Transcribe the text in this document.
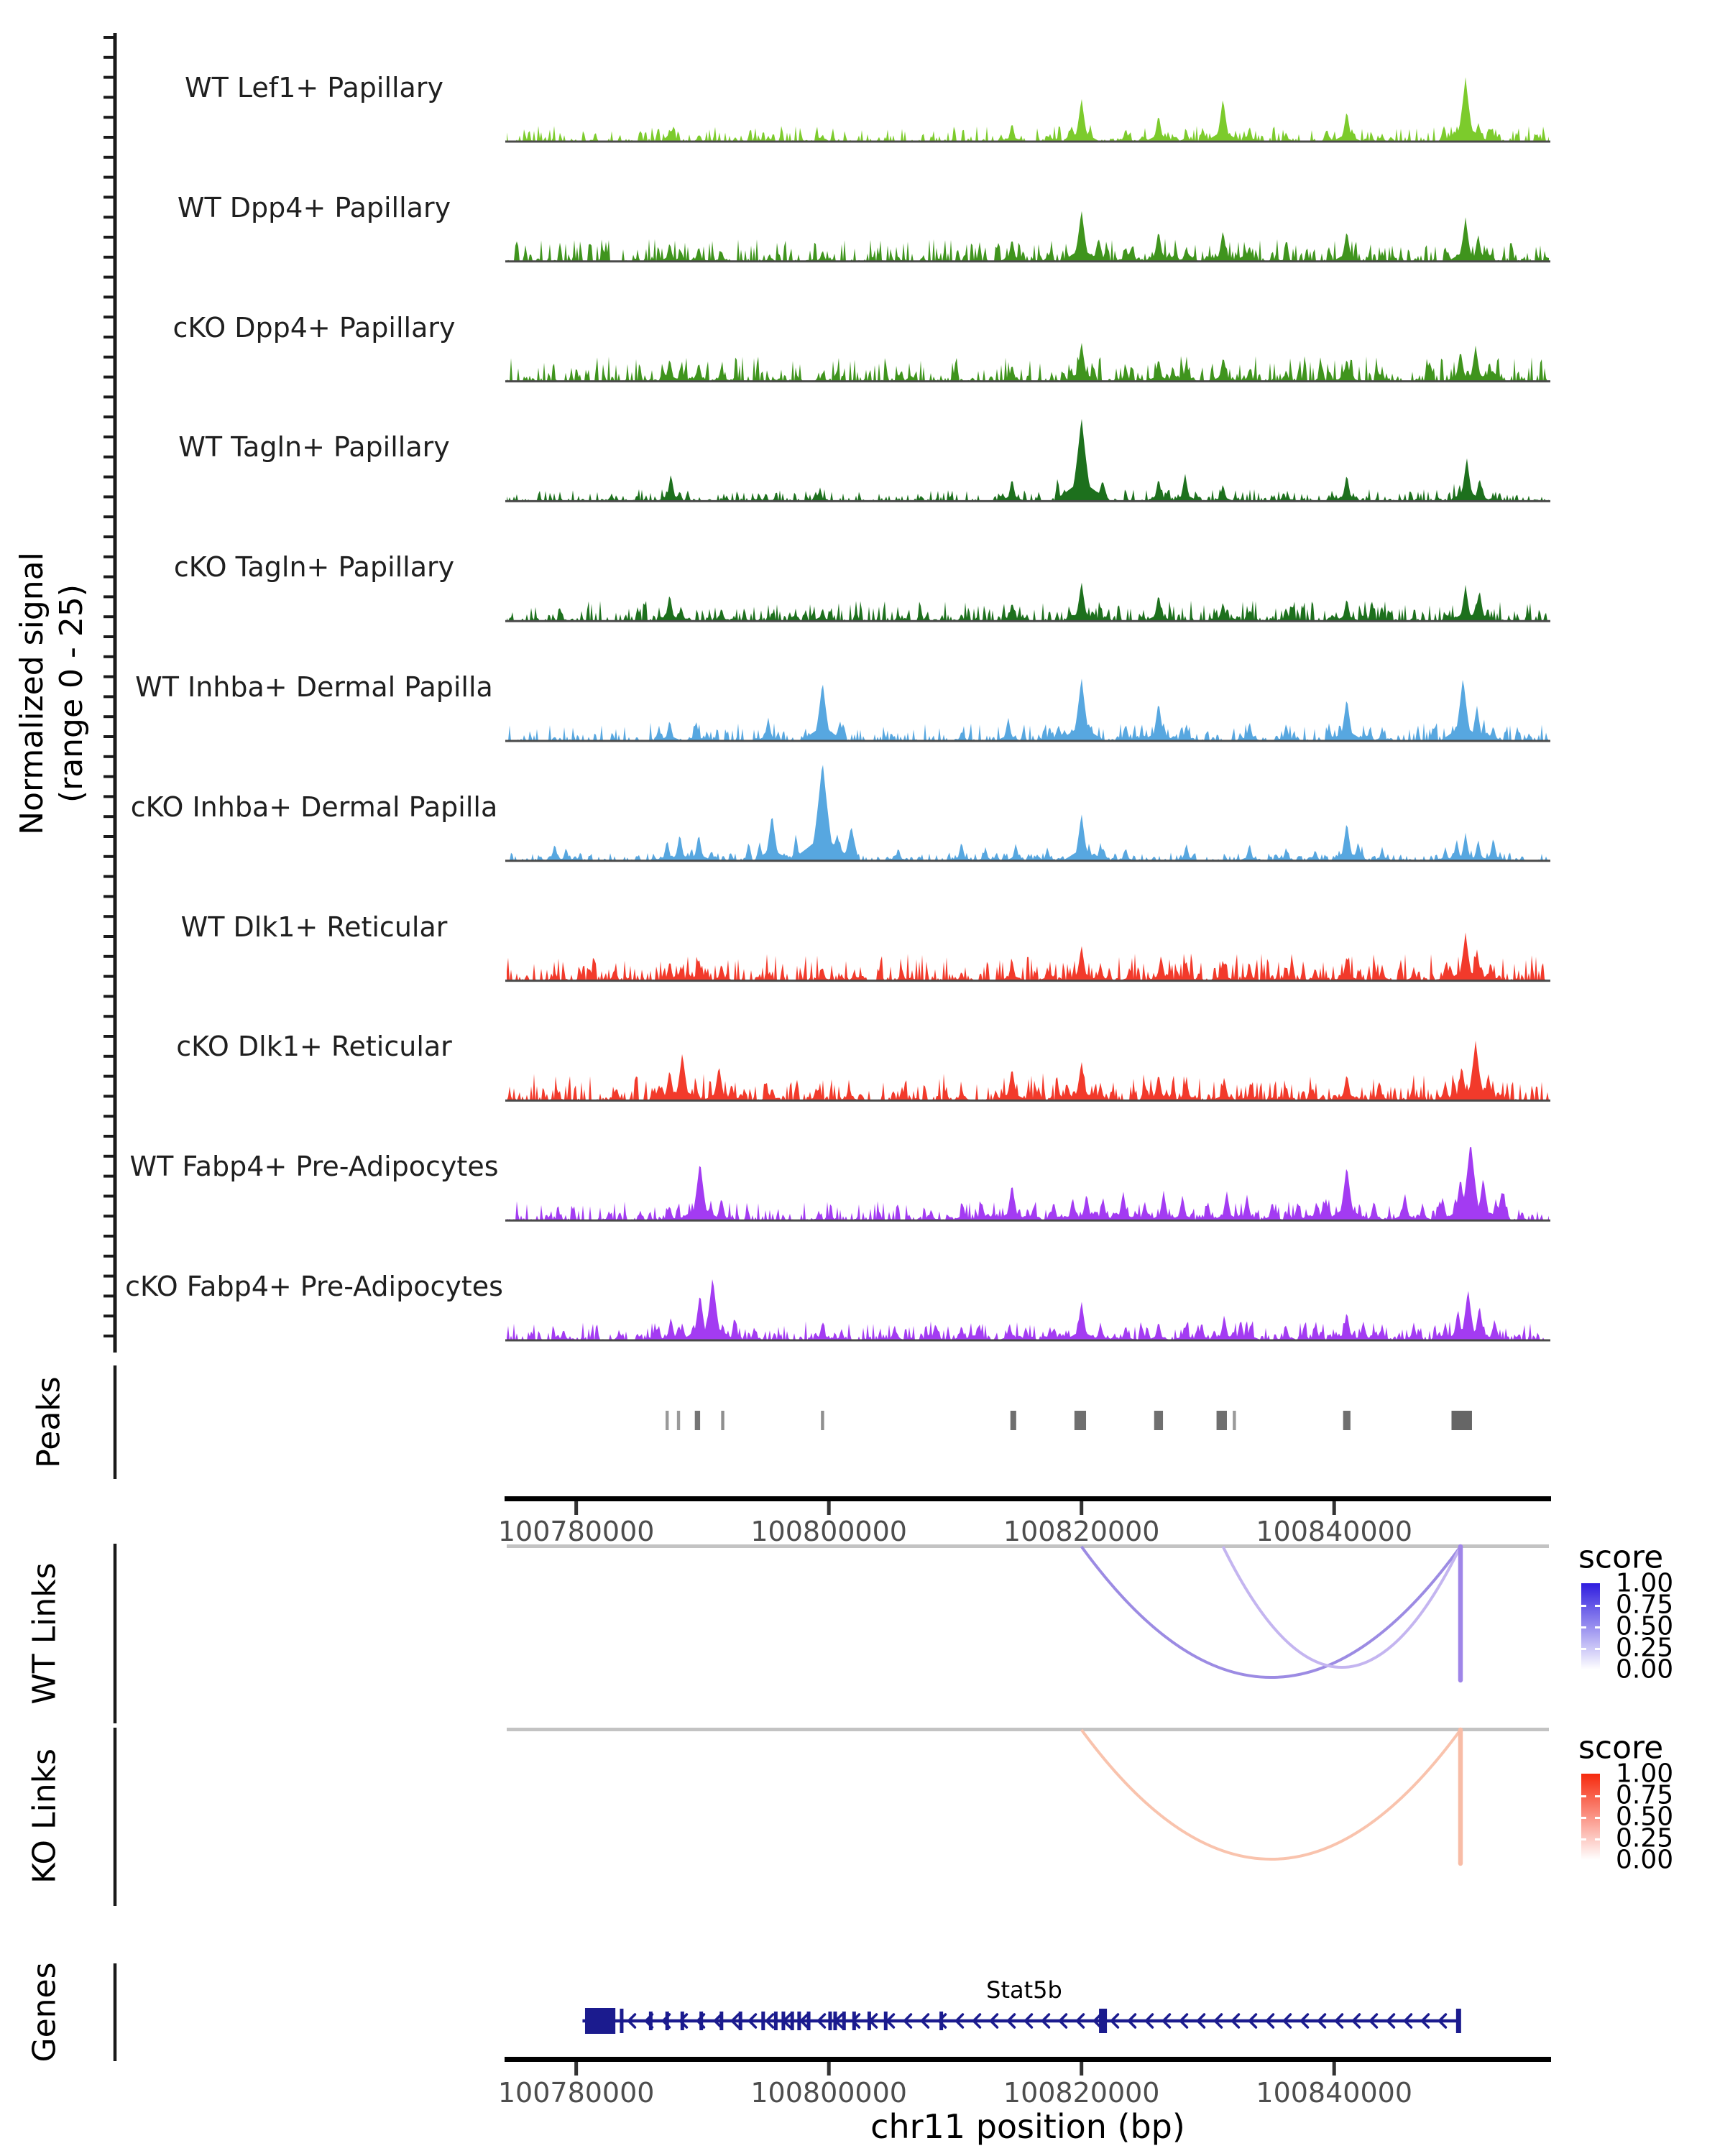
Normalized signal (range 0 - 25)
Peaks
WT Links
KO Links
Genes
WT Lef1+ Papillary
WT Dpp4+ Papillary
cKO Dpp4+ Papillary
WT Tagln+ Papillary
cKO Tagln+ Papillary
WT Inhba+ Dermal Papilla
cKO Inhba+ Dermal Papilla
WT Dlk1+ Reticular
cKO Dlk1+ Reticular
WT Fabp4+ Pre-Adipocytes
cKO Fabp4+ Pre-Adipocytes
100780000	100800000	100820000	100840000
100780000	100800000	100820000	100840000
Stat5b
chr11 position (bp)
score
1.00
0.75
0.50
0.25
0.00
score
1.00
0.75
0.50
0.25
0.00
